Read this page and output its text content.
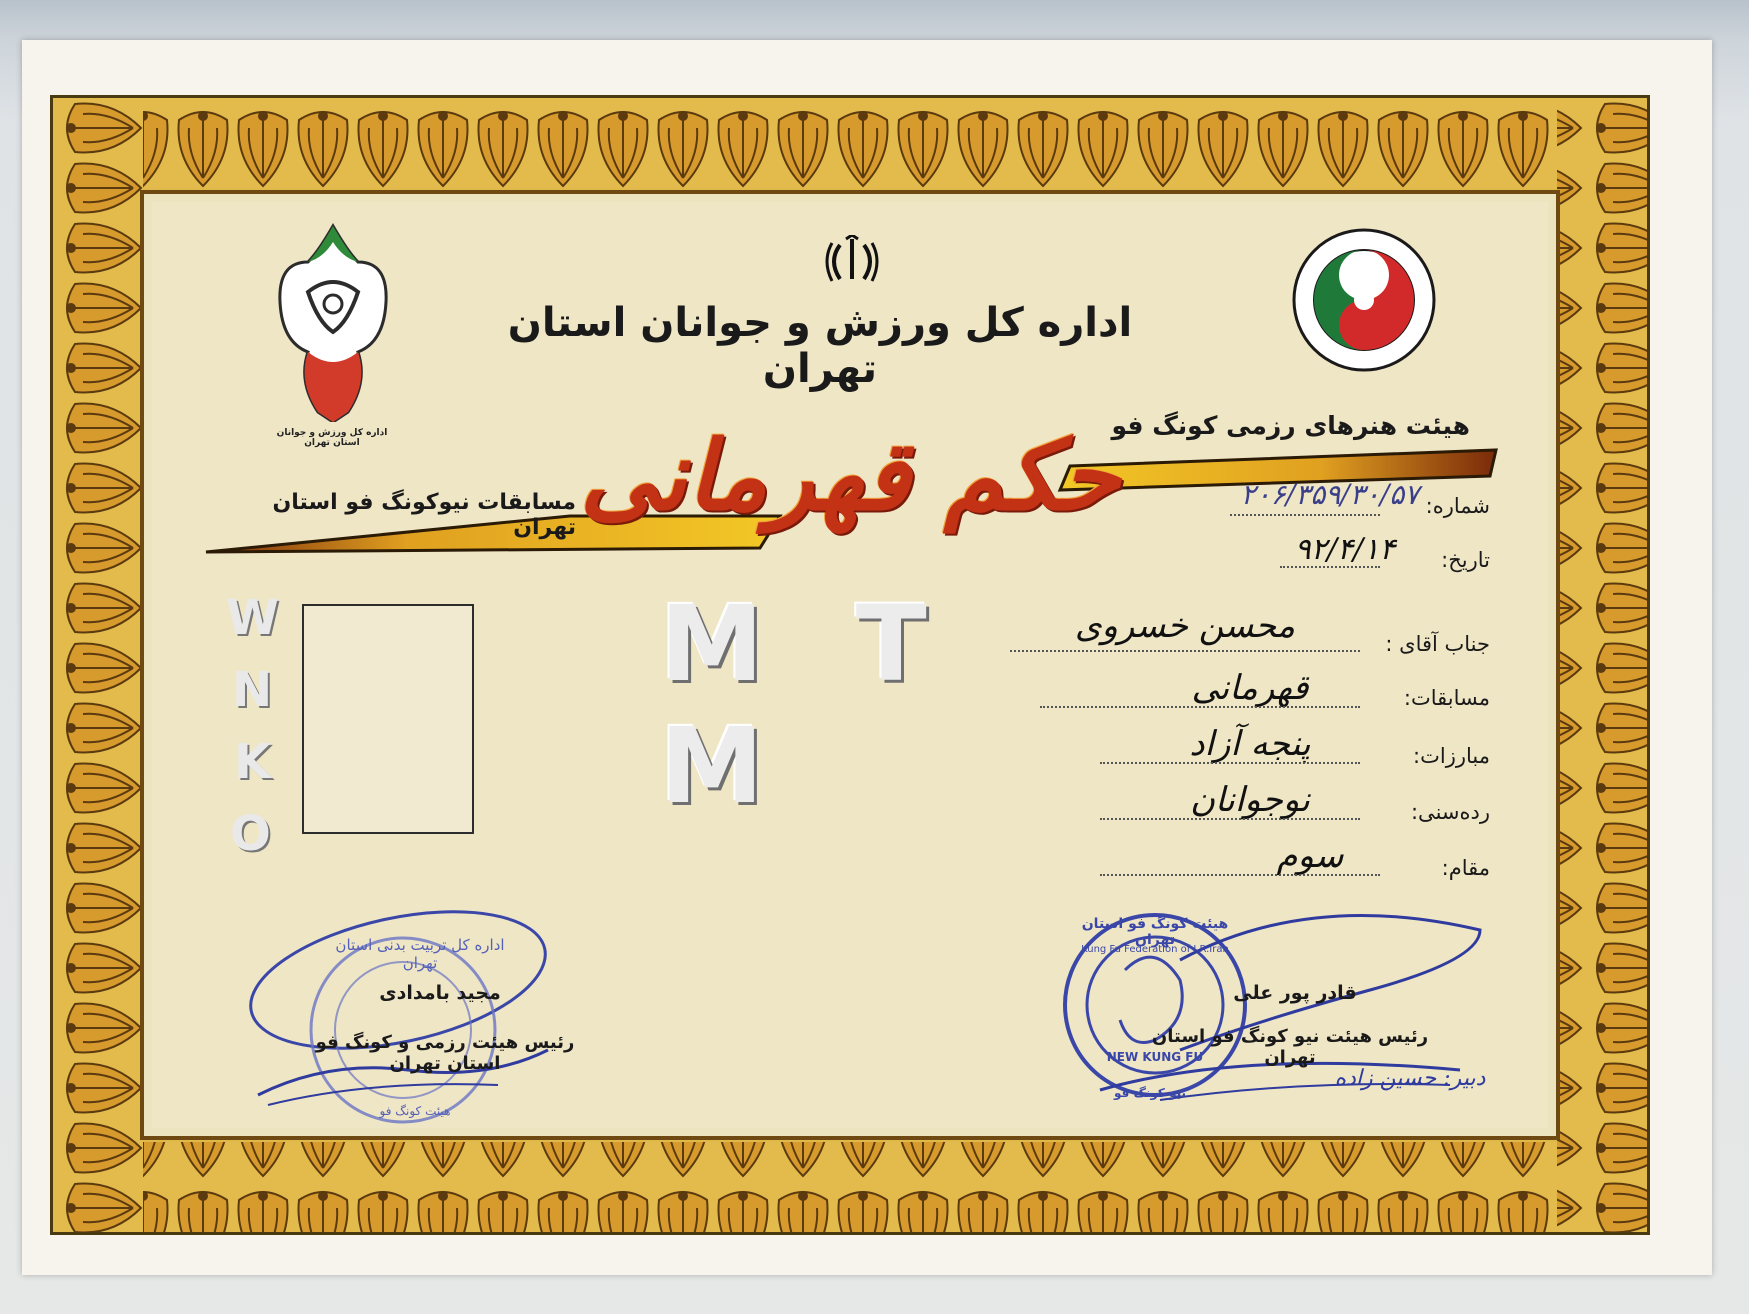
اداره کل ورزش و جوانان استان تهران
اداره کل ورزش و جوانان استان تهران
هیئت هنرهای رزمی کونگ فو
حکم قهرمانی
مسابقات نیوکونگ فو استان تهران
M T M
W
N
K
O
شماره:
۲۰۶/۳۵۹/۳۰/۵۷
تاریخ:
۹۲/۴/۱۴
جناب آقای :
محسن خسروی
مسابقات:
قهرمانی
مبارزات:
پنجه آزاد
رده‌سنی:
نوجوانان
مقام:
سوم
اداره کل تربیت بدنی استان تهران
مجید بامدادی
رئیس هیئت رزمی و کونگ فو استان تهران
هیئت کونگ فو
هیئت کونگ فو استان تهران
Kung Fu Federation of I.R.Iran
NEW KUNG FU
نیو کونگ فو
قادر پور علی
رئیس هیئت نیو کونگ فو استان تهران
دبیر: حسین زاده
